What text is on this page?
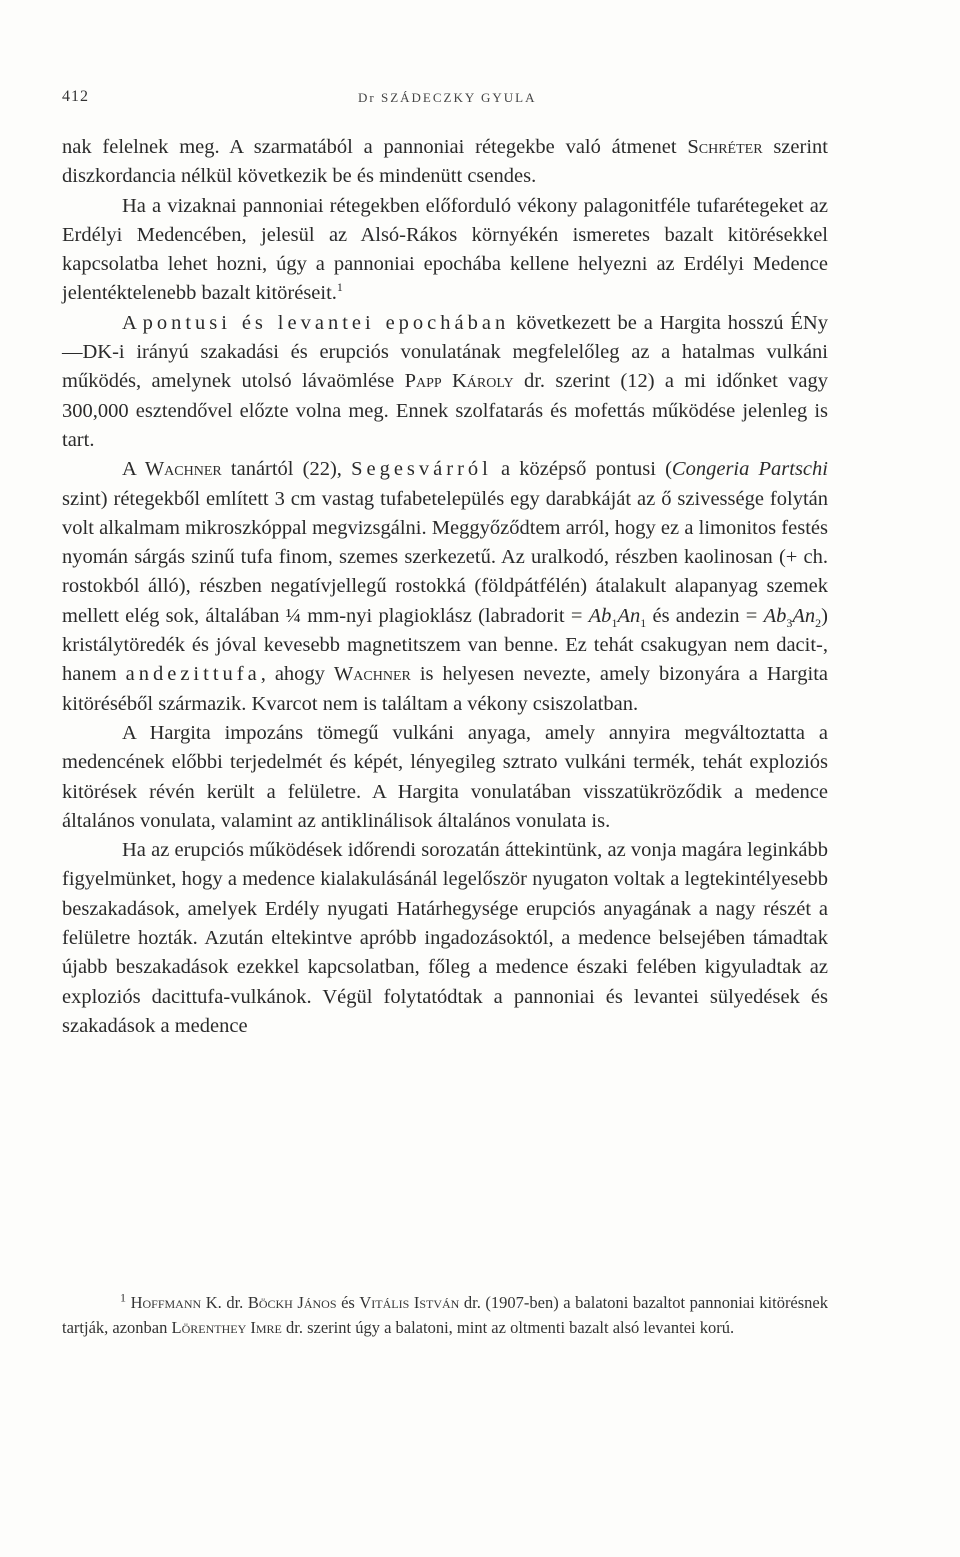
412	Dr SZÁDECZKY GYULA

nak felelnek meg. A szarmatából a pannoniai rétegekbe való átmenet Schréter szerint diszkordancia nélkül következik be és mindenütt csendes.

Ha a vizaknai pannoniai rétegekben előforduló vékony palagonitféle tufarétegeket az Erdélyi Medencében, jelesül az Alsó-Rákos környékén ismeretes bazalt kitörésekkel kapcsolatba lehet hozni, úgy a pannoniai epochába kellene helyezni az Erdélyi Medence jelentéktelenebb bazalt kitöréseit.$^1$

A pontusi és levantei epochában következett be a Hargita hosszú ÉNy—DK-i irányú szakadási és erupciós vonulatának megfelelőleg az a hatalmas vulkáni működés, amelynek utolsó lávaömlése Papp Károly dr. szerint (12) a mi időnket vagy 300,000 esztendővel előzte volna meg. Ennek szolfatarás és mofettás működése jelenleg is tart.

A Wachner tanártól (22), Segesvárról a középső pontusi (Congeria Partschi szint) rétegekből említett 3 cm vastag tufabetelepülés egy darabkáját az ő szivessége folytán volt alkalmam mikroszkóppal megvizsgálni. Meggyőződtem arról, hogy ez a limonitos festés nyomán sárgás szinű tufa finom, szemes szerkezetű. Az uralkodó, részben kaolinosan (+ ch. rostokból álló), részben negatívjellegű rostokká (földpátfélén) átalakult alapanyag szemek mellett elég sok, általában ¼ mm-nyi plagioklász (labradorit = $Ab_1An_1$ és andezin = $Ab_3An_2$) kristálytöredék és jóval kevesebb magnetitszem van benne. Ez tehát csakugyan nem dacit-, hanem andezittufa, ahogy Wachner is helyesen nevezte, amely bizonyára a Hargita kitöréséből származik. Kvarcot nem is találtam a vékony csiszolatban.

A Hargita impozáns tömegű vulkáni anyaga, amely annyira megváltoztatta a medencének előbbi terjedelmét és képét, lényegileg sztrato vulkáni termék, tehát exploziós kitörések révén került a felületre. A Hargita vonulatában visszatükröződik a medence általános vonulata, valamint az antiklinálisok általános vonulata is.

Ha az erupciós működések időrendi sorozatán áttekintünk, az vonja magára leginkább figyelmünket, hogy a medence kialakulásánál legelőször nyugaton voltak a legtekintélyesebb beszakadások, amelyek Erdély nyugati Határhegysége erupciós anyagának a nagy részét a felületre hozták. Azután eltekintve apróbb ingadozásoktól, a medence belsejében támadtak újabb beszakadások ezekkel kapcsolatban, főleg a medence északi felében kigyuladtak az exploziós dacittufa-vulkánok. Végül folytatódtak a pannoniai és levantei sülyedések és szakadások a medence

$^1$ Hoffmann K. dr. Böckh János és Vitális István dr. (1907-ben) a balatoni bazaltot pannoniai kitörésnek tartják, azonban Lörenthey Imre dr. szerint úgy a balatoni, mint az oltmenti bazalt alsó levantei korú.
